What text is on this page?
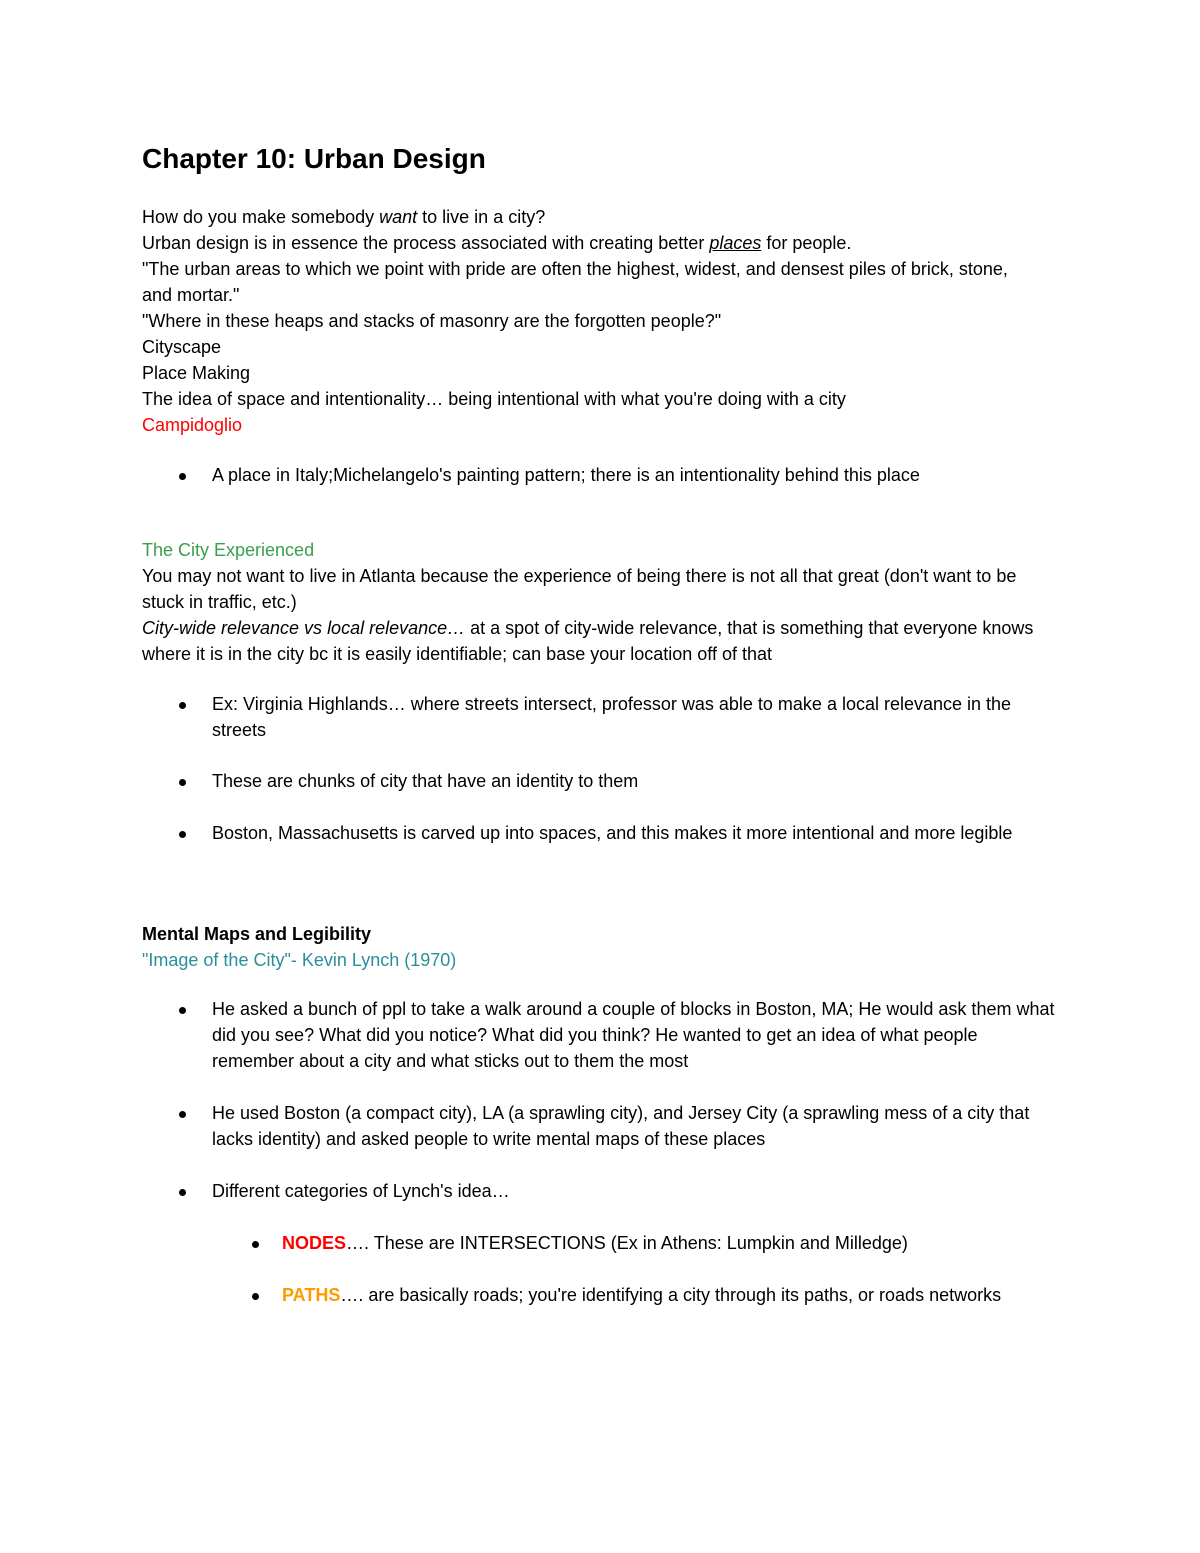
Chapter 10: Urban Design
How do you make somebody want to live in a city?
Urban design is in essence the process associated with creating better places for people.
"The urban areas to which we point with pride are often the highest, widest, and densest piles of brick, stone, and mortar."
"Where in these heaps and stacks of masonry are the forgotten people?"
Cityscape
Place Making
The idea of space and intentionality… being intentional with what you're doing with a city
Campidoglio
A place in Italy;Michelangelo's painting pattern; there is an intentionality behind this place
The City Experienced
You may not want to live in Atlanta because the experience of being there is not all that great (don't want to be stuck in traffic, etc.)
City-wide relevance vs local relevance… at a spot of city-wide relevance, that is something that everyone knows where it is in the city bc it is easily identifiable; can base your location off of that
Ex: Virginia Highlands… where streets intersect, professor was able to make a local relevance in the streets
These are chunks of city that have an identity to them
Boston, Massachusetts is carved up into spaces, and this makes it more intentional and more legible
Mental Maps and Legibility
"Image of the City"- Kevin Lynch (1970)
He asked a bunch of ppl to take a walk around a couple of blocks in Boston, MA; He would ask them what did you see? What did you notice? What did you think? He wanted to get an idea of what people remember about a city and what sticks out to them the most
He used Boston (a compact city), LA (a sprawling city), and Jersey City (a sprawling mess of a city that lacks identity) and asked people to write mental maps of these places
Different categories of Lynch's idea…
NODES…. These are INTERSECTIONS (Ex in Athens: Lumpkin and Milledge)
PATHS…. are basically roads; you're identifying a city through its paths, or roads networks
